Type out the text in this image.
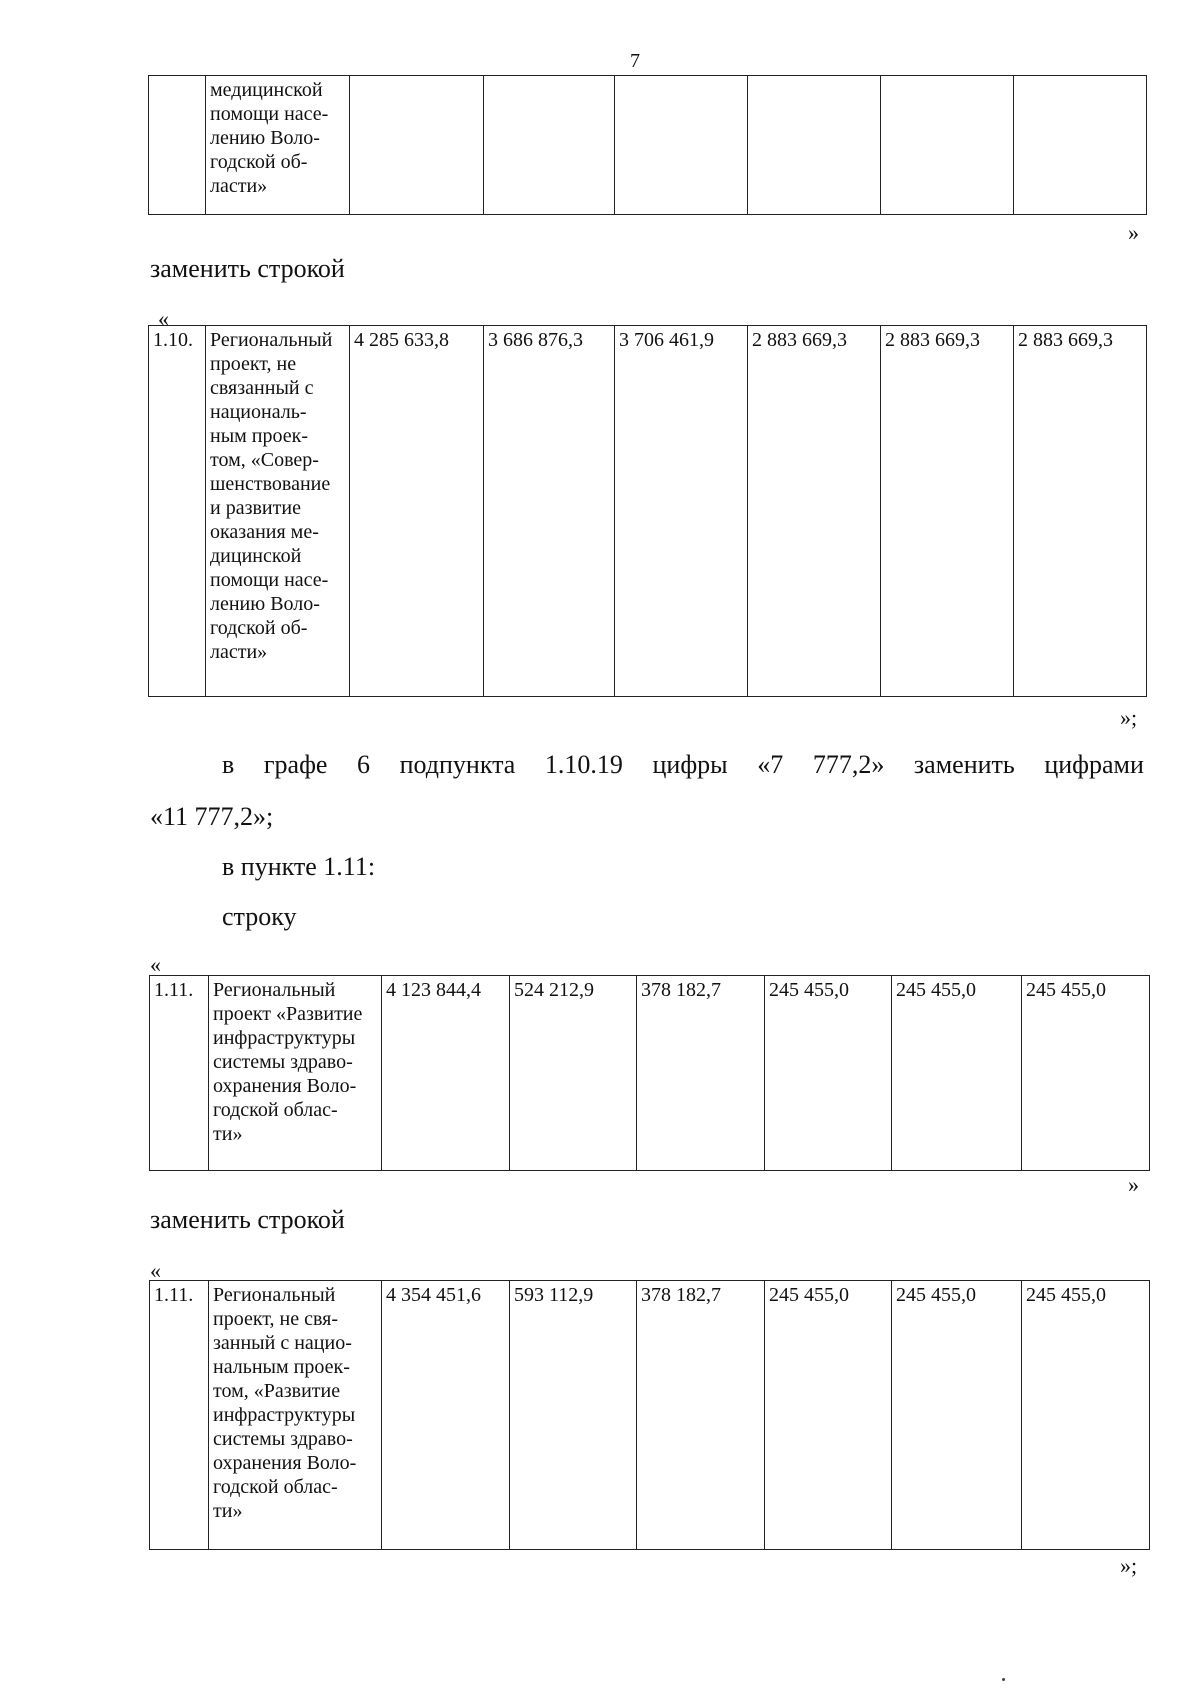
7
	медицинской
помощи насе-
лению Воло-
годской об-
ласти»						
»
заменить строкой
«
1.10.	Региональный
проект, не
связанный с
националь-
ным проек-
том, «Совер-
шенствование
и развитие
оказания ме-
дицинской
помощи насе-
лению Воло-
годской об-
ласти»	4 285 633,8	3 686 876,3	3 706 461,9	2 883 669,3	2 883 669,3	2 883 669,3
»;
в графе 6 подпункта 1.10.19 цифры «7 777,2» заменить цифрами
«11 777,2»;
в пункте 1.11:
строку
«
1.11.	Региональный
проект «Развитие
инфраструктуры
системы здраво-
охранения Воло-
годской облас-
ти»	4 123 844,4	524 212,9	378 182,7	245 455,0	245 455,0	245 455,0
»
заменить строкой
«
1.11.	Региональный
проект, не свя-
занный с нацио-
нальным проек-
том, «Развитие
инфраструктуры
системы здраво-
охранения Воло-
годской облас-
ти»	4 354 451,6	593 112,9	378 182,7	245 455,0	245 455,0	245 455,0
»;
